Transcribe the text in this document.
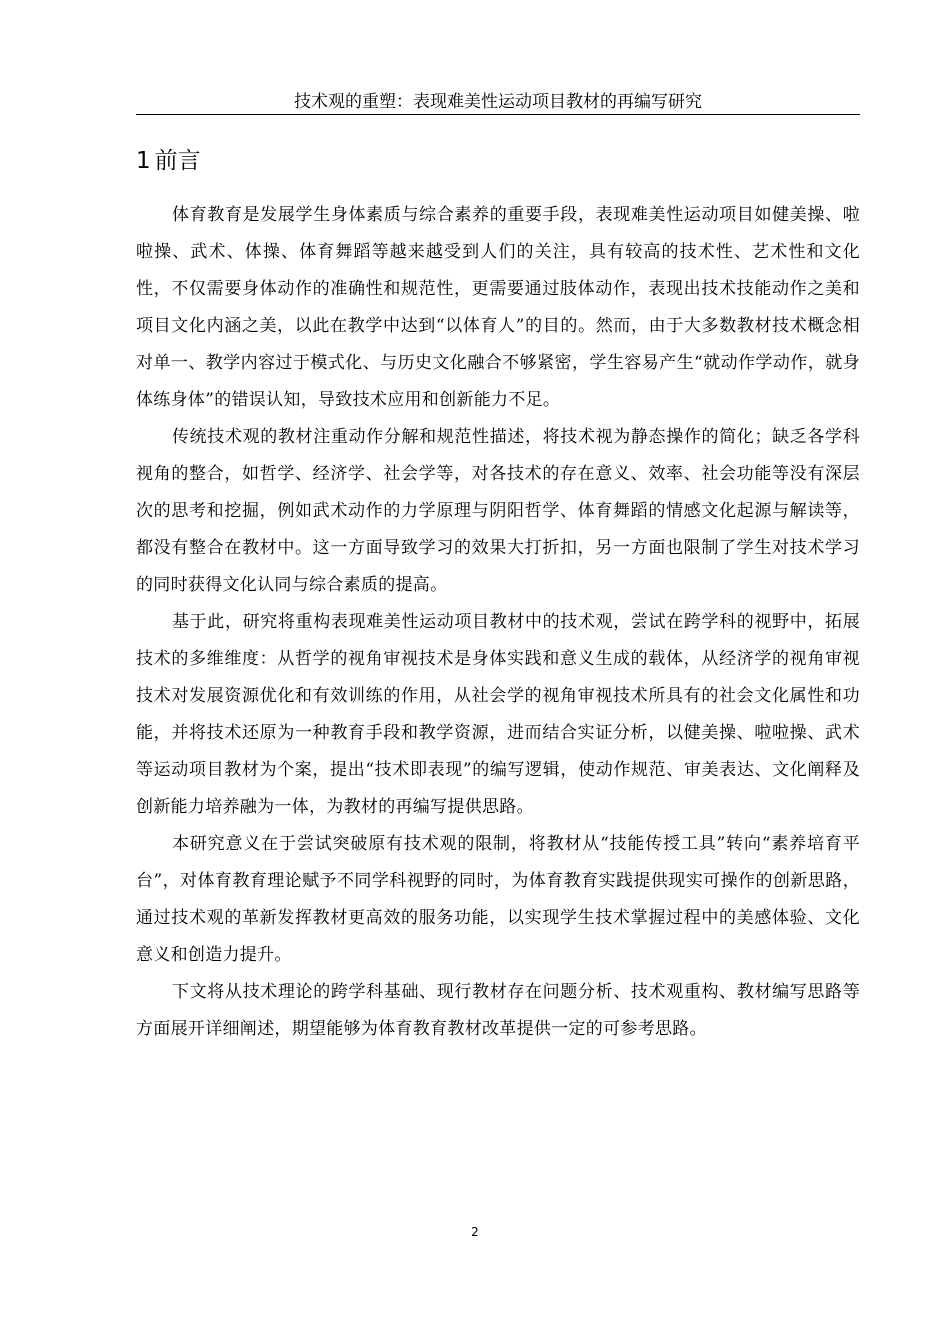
技术观的重塑：表现难美性运动项目教材的再编写研究
1 前言

体育教育是发展学生身体素质与综合素养的重要手段，表现难美性运动项目如健美操、啦啦操、武术、体操、体育舞蹈等越来越受到人们的关注，具有较高的技术性、艺术性和文化性，不仅需要身体动作的准确性和规范性，更需要通过肢体动作，表现出技术技能动作之美和项目文化内涵之美，以此在教学中达到“以体育人”的目的。然而，由于大多数教材技术概念相对单一、教学内容过于模式化、与历史文化融合不够紧密，学生容易产生“就动作学动作，就身体练身体”的错误认知，导致技术应用和创新能力不足。

传统技术观的教材注重动作分解和规范性描述，将技术视为静态操作的简化；缺乏各学科视角的整合，如哲学、经济学、社会学等，对各技术的存在意义、效率、社会功能等没有深层次的思考和挖掘，例如武术动作的力学原理与阴阳哲学、体育舞蹈的情感文化起源与解读等，都没有整合在教材中。这一方面导致学习的效果大打折扣，另一方面也限制了学生对技术学习的同时获得文化认同与综合素质的提高。

基于此，研究将重构表现难美性运动项目教材中的技术观，尝试在跨学科的视野中，拓展技术的多维维度：从哲学的视角审视技术是身体实践和意义生成的载体，从经济学的视角审视技术对发展资源优化和有效训练的作用，从社会学的视角审视技术所具有的社会文化属性和功能，并将技术还原为一种教育手段和教学资源，进而结合实证分析，以健美操、啦啦操、武术等运动项目教材为个案，提出“技术即表现”的编写逻辑，使动作规范、审美表达、文化阐释及创新能力培养融为一体，为教材的再编写提供思路。

本研究意义在于尝试突破原有技术观的限制，将教材从“技能传授工具”转向“素养培育平台”，对体育教育理论赋予不同学科视野的同时，为体育教育实践提供现实可操作的创新思路，通过技术观的革新发挥教材更高效的服务功能，以实现学生技术掌握过程中的美感体验、文化意义和创造力提升。

下文将从技术理论的跨学科基础、现行教材存在问题分析、技术观重构、教材编写思路等方面展开详细阐述，期望能够为体育教育教材改革提供一定的可参考思路。

2
